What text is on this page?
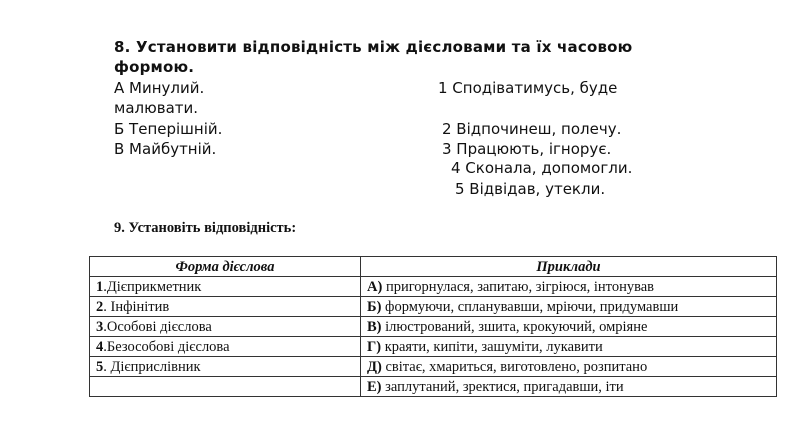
8. Установити відповідність між дієсловами та їх часовою
формою.
А Минулий.
малювати.
Б Теперішній.
В Майбутній.
1 Сподіватимусь, буде
2 Відпочинеш, полечу.
3 Працюють, ігнорує.
4 Сконала, допомогли.
5 Відвідав, утекли.
9. Установіть відповідність:
Форма дієслова	Приклади
1.Дієприкметник	А) пригорнулася, запитаю, зігріюся, інтонував
2. Інфінітив	Б) формуючи, спланувавши, мріючи, придумавши
3.Особові дієслова	В) ілюстрований, зшита, крокуючий, омріяне
4.Безособові дієслова	Г) краяти, кипіти, зашуміти, лукавити
5. Дієприслівник	Д) світає, хмариться, виготовлено, розпитано
	Е) заплутаний, зректися, пригадавши, іти
